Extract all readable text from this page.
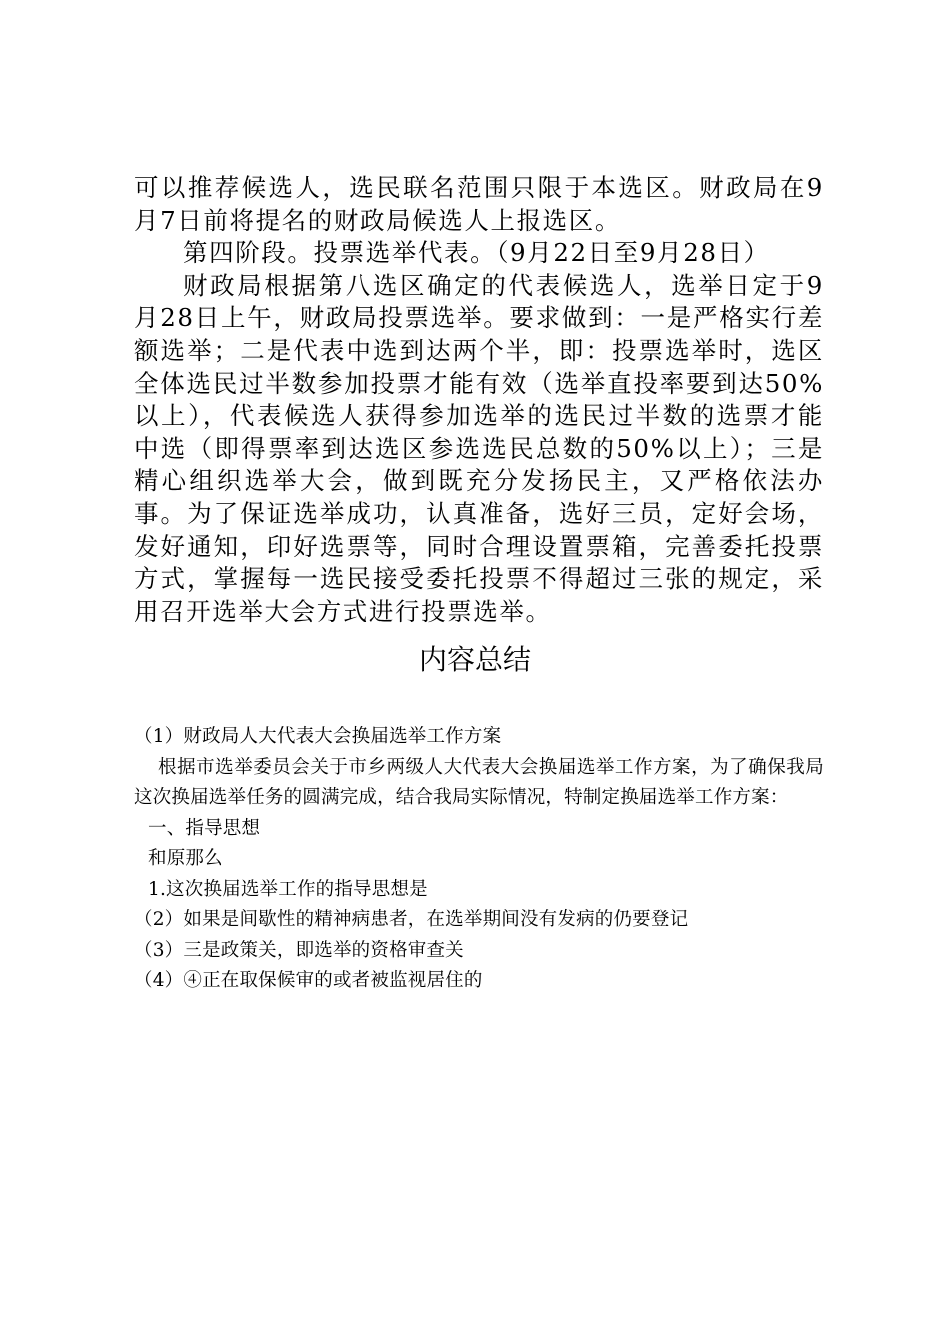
可以推荐候选人，选民联名范围只限于本选区。财政局在9月7日前将提名的财政局候选人上报选区。

第四阶段。投票选举代表。（9月22日至9月28日）

财政局根据第八选区确定的代表候选人，选举日定于9月28日上午，财政局投票选举。要求做到：一是严格实行差额选举；二是代表中选到达两个半，即：投票选举时，选区全体选民过半数参加投票才能有效（选举直投率要到达50%以上），代表候选人获得参加选举的选民过半数的选票才能中选（即得票率到达选区参选选民总数的50%以上）；三是精心组织选举大会，做到既充分发扬民主，又严格依法办事。为了保证选举成功，认真准备，选好三员，定好会场，发好通知，印好选票等，同时合理设置票箱，完善委托投票方式，掌握每一选民接受委托投票不得超过三张的规定，采用召开选举大会方式进行投票选举。

内容总结

（1）财政局人大代表大会换届选举工作方案

根据市选举委员会关于市乡两级人大代表大会换届选举工作方案，为了确保我局这次换届选举任务的圆满完成，结合我局实际情况，特制定换届选举工作方案：

一、指导思想

和原那么

1.这次换届选举工作的指导思想是

（2）如果是间歇性的精神病患者，在选举期间没有发病的仍要登记

（3）三是政策关，即选举的资格审查关

（4）④正在取保候审的或者被监视居住的
